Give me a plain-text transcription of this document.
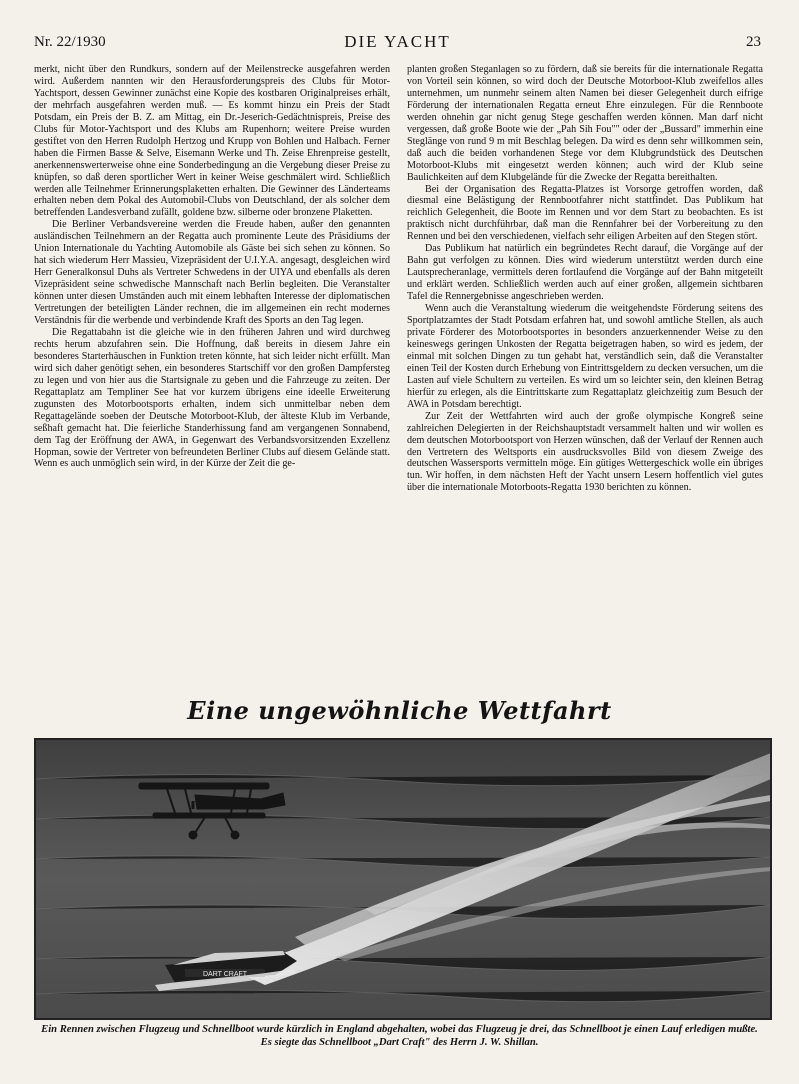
Nr. 22/1930	DIE YACHT	23

merkt, nicht über den Rundkurs, sondern auf der Meilenstrecke ausgefahren werden wird. Außerdem nannten wir den Herausforderungspreis des Clubs für Motor-Yachtsport, dessen Gewinner zunächst eine Kopie des kostbaren Originalpreises erhält, der mehrfach ausgefahren werden muß. — Es kommt hinzu ein Preis der Stadt Potsdam, ein Preis der B. Z. am Mittag, ein Dr.-Jeserich-Gedächtnispreis, Preise des Clubs für Motor-Yachtsport und des Klubs am Rupenhorn; weitere Preise wurden gestiftet von den Herren Rudolph Hertzog und Krupp von Bohlen und Halbach. Ferner haben die Firmen Basse & Selve, Eisemann Werke und Th. Zeise Ehrenpreise gestellt, anerkennenswerterweise ohne eine Sonderbedingung an die Vergebung dieser Preise zu knüpfen, so daß deren sportlicher Wert in keiner Weise geschmälert wird. Schließlich werden alle Teilnehmer Erinnerungsplaketten erhalten. Die Gewinner des Länderteams erhalten neben dem Pokal des Automobil-Clubs von Deutschland, der als solcher dem betreffenden Landesverband zufällt, goldene bzw. silberne oder bronzene Plaketten.

Die Berliner Verbandsvereine werden die Freude haben, außer den genannten ausländischen Teilnehmern an der Regatta auch prominente Leute des Präsidiums der Union Internationale du Yachting Automobile als Gäste bei sich sehen zu können. So hat sich wiederum Herr Massieu, Vizepräsident der U.I.Y.A. angesagt, desgleichen wird Herr Generalkonsul Duhs als Vertreter Schwedens in der UIYA und ebenfalls als deren Vizepräsident seine schwedische Mannschaft nach Berlin begleiten. Die Veranstalter können unter diesen Umständen auch mit einem lebhaften Interesse der diplomatischen Vertretungen der beteiligten Länder rechnen, die im allgemeinen ein recht modernes Verständnis für die werbende und verbindende Kraft des Sports an den Tag legen.

Die Regattabahn ist die gleiche wie in den früheren Jahren und wird durchweg rechts herum abzufahren sein. Die Hoffnung, daß bereits in diesem Jahre ein besonderes Starterhäuschen in Funktion treten könnte, hat sich leider nicht erfüllt. Man wird sich daher genötigt sehen, ein besonderes Startschiff vor den großen Dampfersteg zu legen und von hier aus die Startsignale zu geben und die Fahrzeuge zu zeiten. Der Regattaplatz am Templiner See hat vor kurzem übrigens eine ideelle Erweiterung zugunsten des Motorbootsports erhalten, indem sich unmittelbar neben dem Regattagelände soeben der Deutsche Motorboot-Klub, der älteste Klub im Verbande, seßhaft gemacht hat. Die feierliche Standerhissung fand am vergangenen Sonnabend, dem Tag der Eröffnung der AWA, in Gegenwart des Verbandsvorsitzenden Exzellenz Hopman, sowie der Vertreter von befreundeten Berliner Clubs auf diesem Gelände statt. Wenn es auch unmöglich sein wird, in der Kürze der Zeit die ge-

planten großen Steganlagen so zu fördern, daß sie bereits für die internationale Regatta von Vorteil sein können, so wird doch der Deutsche Motorboot-Klub zweifellos alles unternehmen, um nunmehr seinem alten Namen bei dieser Gelegenheit durch eifrige Förderung der internationalen Regatta erneut Ehre einzulegen. Für die Rennboote werden ohnehin gar nicht genug Stege geschaffen werden können. Man darf nicht vergessen, daß große Boote wie der „Pah Sih Fou"" oder der „Bussard" immerhin eine Steglänge von rund 9 m mit Beschlag belegen. Da wird es denn sehr willkommen sein, daß auch die beiden vorhandenen Stege vor dem Klubgrundstück des Deutschen Motorboot-Klubs mit eingesetzt werden können; auch wird der Klub seine Baulichkeiten auf dem Klubgelände für die Zwecke der Regatta bereithalten.

Bei der Organisation des Regatta-Platzes ist Vorsorge getroffen worden, daß diesmal eine Belästigung der Rennbootfahrer nicht stattfindet. Das Publikum hat reichlich Gelegenheit, die Boote im Rennen und vor dem Start zu beobachten. Es ist praktisch nicht durchführbar, daß man die Rennfahrer bei der Vorbereitung zu den Rennen und bei den verschiedenen, vielfach sehr eiligen Arbeiten auf den Stegen stört.

Das Publikum hat natürlich ein begründetes Recht darauf, die Vorgänge auf der Bahn gut verfolgen zu können. Dies wird wiederum unterstützt werden durch eine Lautsprecheranlage, vermittels deren fortlaufend die Vorgänge auf der Bahn mitgeteilt und erklärt werden. Schließlich werden auch auf einer großen, allgemein sichtbaren Tafel die Rennergebnisse angeschrieben werden.

Wenn auch die Veranstaltung wiederum die weitgehendste Förderung seitens des Sportplatzamtes der Stadt Potsdam erfahren hat, und sowohl amtliche Stellen, als auch private Förderer des Motorbootsportes in besonders anzuerkennender Weise zu den keineswegs geringen Unkosten der Regatta beigetragen haben, so wird es jedem, der einmal mit solchen Dingen zu tun gehabt hat, verständlich sein, daß die Veranstalter einen Teil der Kosten durch Erhebung von Eintrittsgeldern zu decken versuchen, um die Lasten auf viele Schultern zu verteilen. Es wird um so leichter sein, den kleinen Betrag hierfür zu erlegen, als die Eintrittskarte zum Regattaplatz gleichzeitig zum Besuch der AWA in Potsdam berechtigt.

Zur Zeit der Wettfahrten wird auch der große olympische Kongreß seine zahlreichen Delegierten in der Reichshauptstadt versammelt halten und wir wollen es dem deutschen Motorbootsport von Herzen wünschen, daß der Verlauf der Rennen auch den Vertretern des Weltsports ein ausdrucksvolles Bild von diesem Zweige des deutschen Wassersports vermitteln möge. Ein gütiges Wettergeschick wolle ein übriges tun. Wir hoffen, in dem nächsten Heft der Yacht unsern Lesern hoffentlich viel gutes über die internationale Motorboots-Regatta 1930 berichten zu können.

Eine ungewöhnliche Wettfahrt
DART CRAFT
Ein Rennen zwischen Flugzeug und Schnellboot wurde kürzlich in England abgehalten, wobei das Flugzeug je drei, das Schnellboot je einen Lauf erledigen mußte. Es siegte das Schnellboot „Dart Craft" des Herrn J. W. Shillan.
